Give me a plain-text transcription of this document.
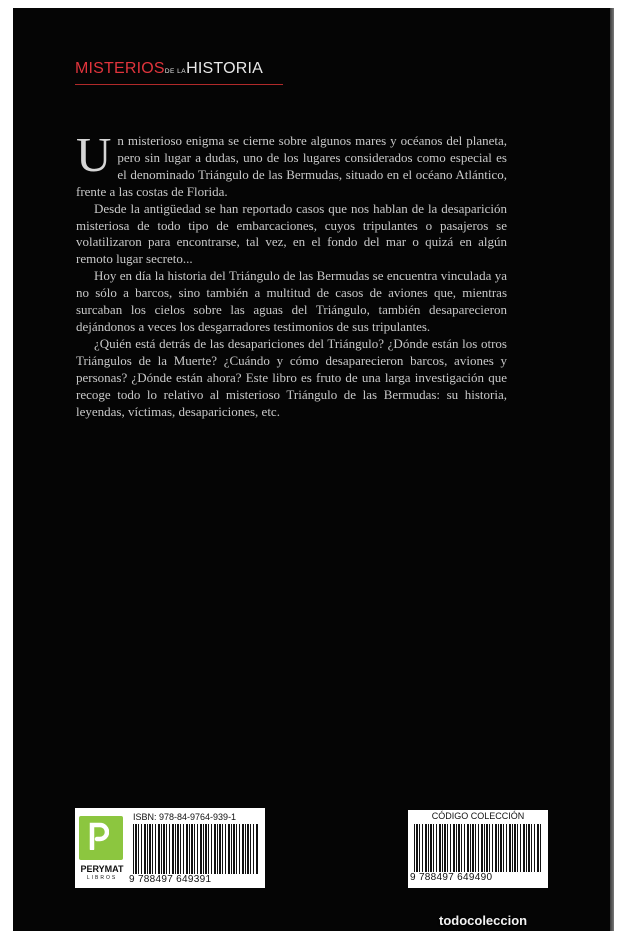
MISTERIOSDE LAHISTORIA

Un misterioso enigma se cierne sobre algunos mares y océanos del planeta, pero sin lugar a dudas, uno de los lugares considerados como especial es el denominado Triángulo de las Bermudas, situado en el océano Atlántico, frente a las costas de Florida.

Desde la antigüedad se han reportado casos que nos hablan de la desaparición misteriosa de todo tipo de embarcaciones, cuyos tripulantes o pasajeros se volatilizaron para encontrarse, tal vez, en el fondo del mar o quizá en algún remoto lugar secreto...

Hoy en día la historia del Triángulo de las Bermudas se encuentra vinculada ya no sólo a barcos, sino también a multitud de casos de aviones que, mientras surcaban los cielos sobre las aguas del Triángulo, también desaparecieron dejándonos a veces los desgarradores testimonios de sus tripulantes.

¿Quién está detrás de las desapariciones del Triángulo? ¿Dónde están los otros Triángulos de la Muerte? ¿Cuándo y cómo desaparecieron barcos, aviones y personas? ¿Dónde están ahora? Este libro es fruto de una larga investigación que recoge todo lo relativo al misterioso Triángulo de las Bermudas: su historia, leyendas, víctimas, desapariciones, etc.

PERYMAT
LIBROS
ISBN: 978-84-9764-939-1
9 788497 649391
CÓDIGO COLECCIÓN
9 788497 649490
todocoleccion
